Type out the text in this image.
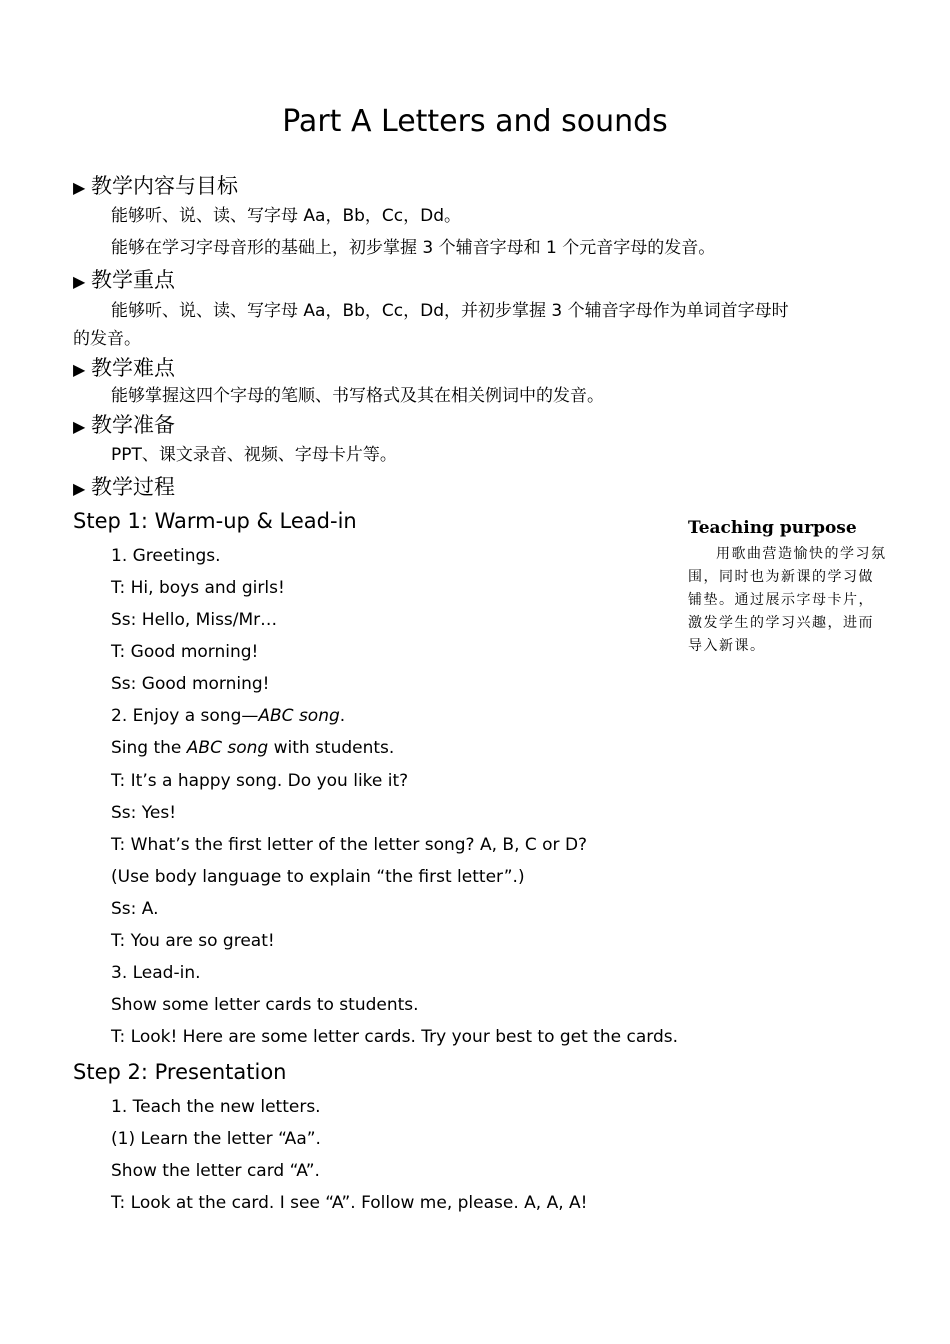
Part A Letters and sounds
▶ 教学内容与目标
能够听、说、读、写字母 Aa，Bb，Cc，Dd。
能够在学习字母音形的基础上，初步掌握 3 个辅音字母和 1 个元音字母的发音。
▶ 教学重点
能够听、说、读、写字母 Aa，Bb，Cc，Dd，并初步掌握 3 个辅音字母作为单词首字母时
的发音。
▶ 教学难点
能够掌握这四个字母的笔顺、书写格式及其在相关例词中的发音。
▶ 教学准备
PPT、课文录音、视频、字母卡片等。
▶ 教学过程
Step 1: Warm-up & Lead-in
1. Greetings.
T: Hi, boys and girls!
Ss: Hello, Miss/Mr…
T: Good morning!
Ss: Good morning!
2. Enjoy a song—ABC song.
Sing the ABC song with students.
T: It’s a happy song. Do you like it?
Ss: Yes!
T: What’s the first letter of the letter song? A, B, C or D?
(Use body language to explain “the first letter”.)
Ss: A.
T: You are so great!
3. Lead-in.
Show some letter cards to students.
T: Look! Here are some letter cards. Try your best to get the cards.
Step 2: Presentation
1. Teach the new letters.
(1) Learn the letter “Aa”.
Show the letter card “A”.
T: Look at the card. I see “A”. Follow me, please. A, A, A!
Teaching purpose
用歌曲营造愉快的学习氛围，同时也为新课的学习做铺垫。通过展示字母卡片，激发学生的学习兴趣，进而导入新课。
